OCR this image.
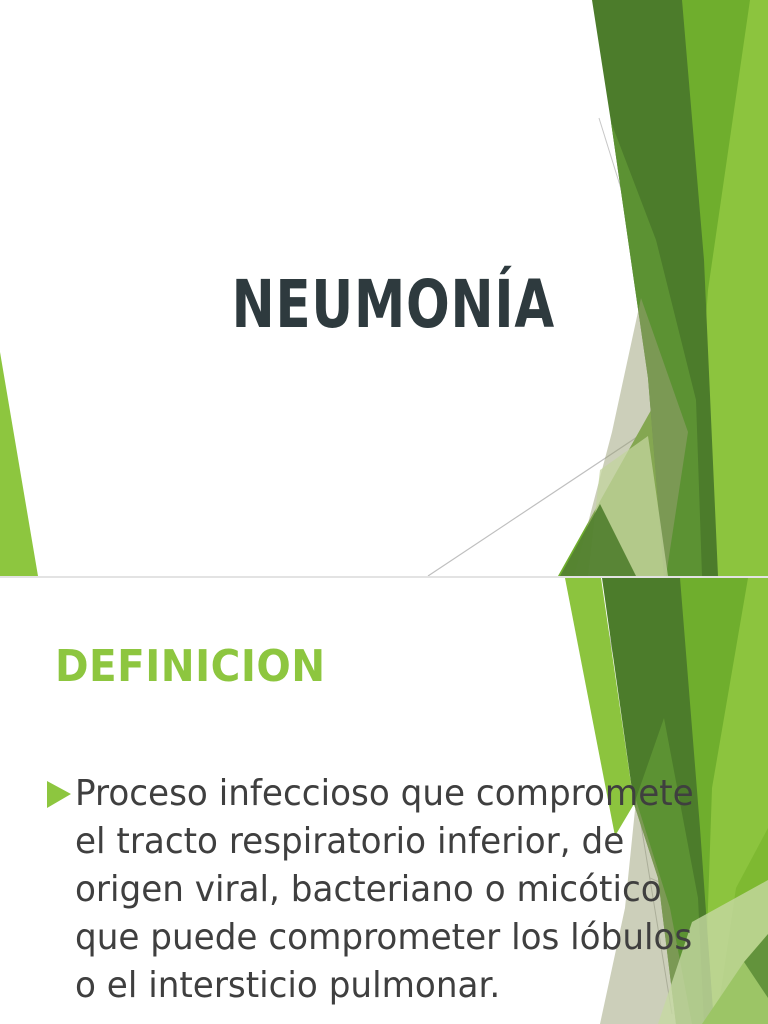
NEUMONÍA
DEFINICION
Proceso infeccioso que compromete
el tracto respiratorio inferior, de
origen viral, bacteriano o micótico
que puede comprometer los lóbulos
o el intersticio pulmonar.
